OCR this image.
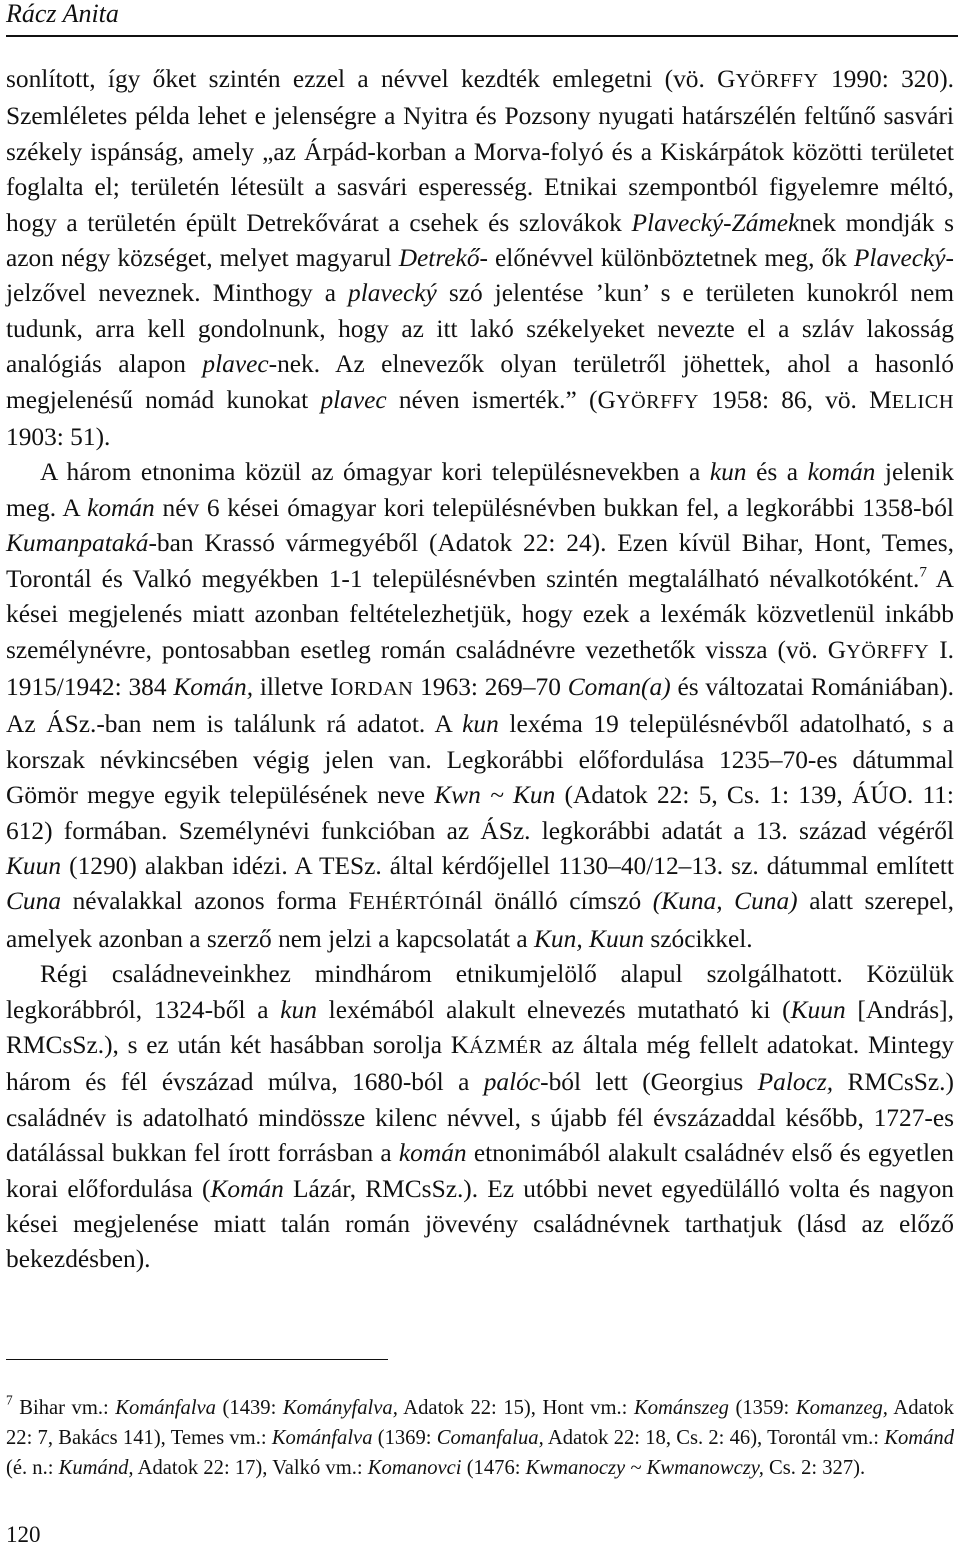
Rácz Anita

sonlított, így őket szintén ezzel a névvel kezdték emlegetni (vö. GYÖRFFY 1990: 320). Szemléletes példa lehet e jelenségre a Nyitra és Pozsony nyugati határszélén feltűnő sasvári székely ispánság, amely „az Árpád-korban a Morva-folyó és a Kiskárpátok közötti területet foglalta el; területén létesült a sasvári esperesség. Etnikai szempontból figyelemre méltó, hogy a területén épült Detrekővárat a csehek és szlovákok Plavecký-Zámeknek mondják s azon négy községet, melyet magyarul Detrekő- előnévvel különböztetnek meg, ők Plavecký- jelzővel neveznek. Minthogy a plavecký szó jelentése ’kun’ s e területen kunokról nem tudunk, arra kell gondolnunk, hogy az itt lakó székelyeket nevezte el a szláv lakosság analógiás alapon plavec-nek. Az elnevezők olyan területről jöhettek, ahol a hasonló megjelenésű nomád kunokat plavec néven ismerték.” (GYÖRFFY 1958: 86, vö. MELICH 1903: 51).

A három etnonima közül az ómagyar kori településnevekben a kun és a komán jelenik meg. A komán név 6 kései ómagyar kori településnévben bukkan fel, a legkorábbi 1358-ból Kumanpataká-ban Krassó vármegyéből (Adatok 22: 24). Ezen kívül Bihar, Hont, Temes, Torontál és Valkó megyékben 1-1 településnévben szintén megtalálható névalkotóként.$^7$ A kései megjelenés miatt azonban feltételezhetjük, hogy ezek a lexémák közvetlenül inkább személynévre, pontosabban esetleg román családnévre vezethetők vissza (vö. GYÖRFFY I. 1915/1942: 384 Komán, illetve IORDAN 1963: 269–70 Coman(a) és változatai Romániában). Az ÁSz.-ban nem is találunk rá adatot. A kun lexéma 19 településnévből adatolható, s a korszak névkincsében végig jelen van. Legkorábbi előfordulása 1235–70-es dátummal Gömör megye egyik településének neve Kwn ~ Kun (Adatok 22: 5, Cs. 1: 139, ÁÚO. 11: 612) formában. Személynévi funkcióban az ÁSz. legkorábbi adatát a 13. század végéről Kuun (1290) alakban idézi. A TESz. által kérdőjellel 1130–40/12–13. sz. dátummal említett Cuna névalakkal azonos forma FEHÉRTÓInál önálló címszó (Kuna, Cuna) alatt szerepel, amelyek azonban a szerző nem jelzi a kapcsolatát a Kun, Kuun szócikkel.

Régi családneveinkhez mindhárom etnikumjelölő alapul szolgálhatott. Közülük legkorábbról, 1324-ből a kun lexémából alakult elnevezés mutatható ki (Kuun [András], RMCsSz.), s ez után két hasábban sorolja KÁZMÉR az általa még fellelt adatokat. Mintegy három és fél évszázad múlva, 1680-ból a palóc-ból lett (Georgius Palocz, RMCsSz.) családnév is adatolható mindössze kilenc névvel, s újabb fél évszázaddal később, 1727-es datálással bukkan fel írott forrásban a komán etnonimából alakult családnév első és egyetlen korai előfordulása (Komán Lázár, RMCsSz.). Ez utóbbi nevet egyedülálló volta és nagyon kései megjelenése miatt talán román jövevény családnévnek tarthatjuk (lásd az előző bekezdésben).

$^7$ Bihar vm.: Kománfalva (1439: Kományfalva, Adatok 22: 15), Hont vm.: Kománszeg (1359: Komanzeg, Adatok 22: 7, Bakács 141), Temes vm.: Kománfalva (1369: Comanfalua, Adatok 22: 18, Cs. 2: 46), Torontál vm.: Kománd (é. n.: Kumánd, Adatok 22: 17), Valkó vm.: Komanovci (1476: Kwmanoczy ~ Kwmanowczy, Cs. 2: 327).

120
